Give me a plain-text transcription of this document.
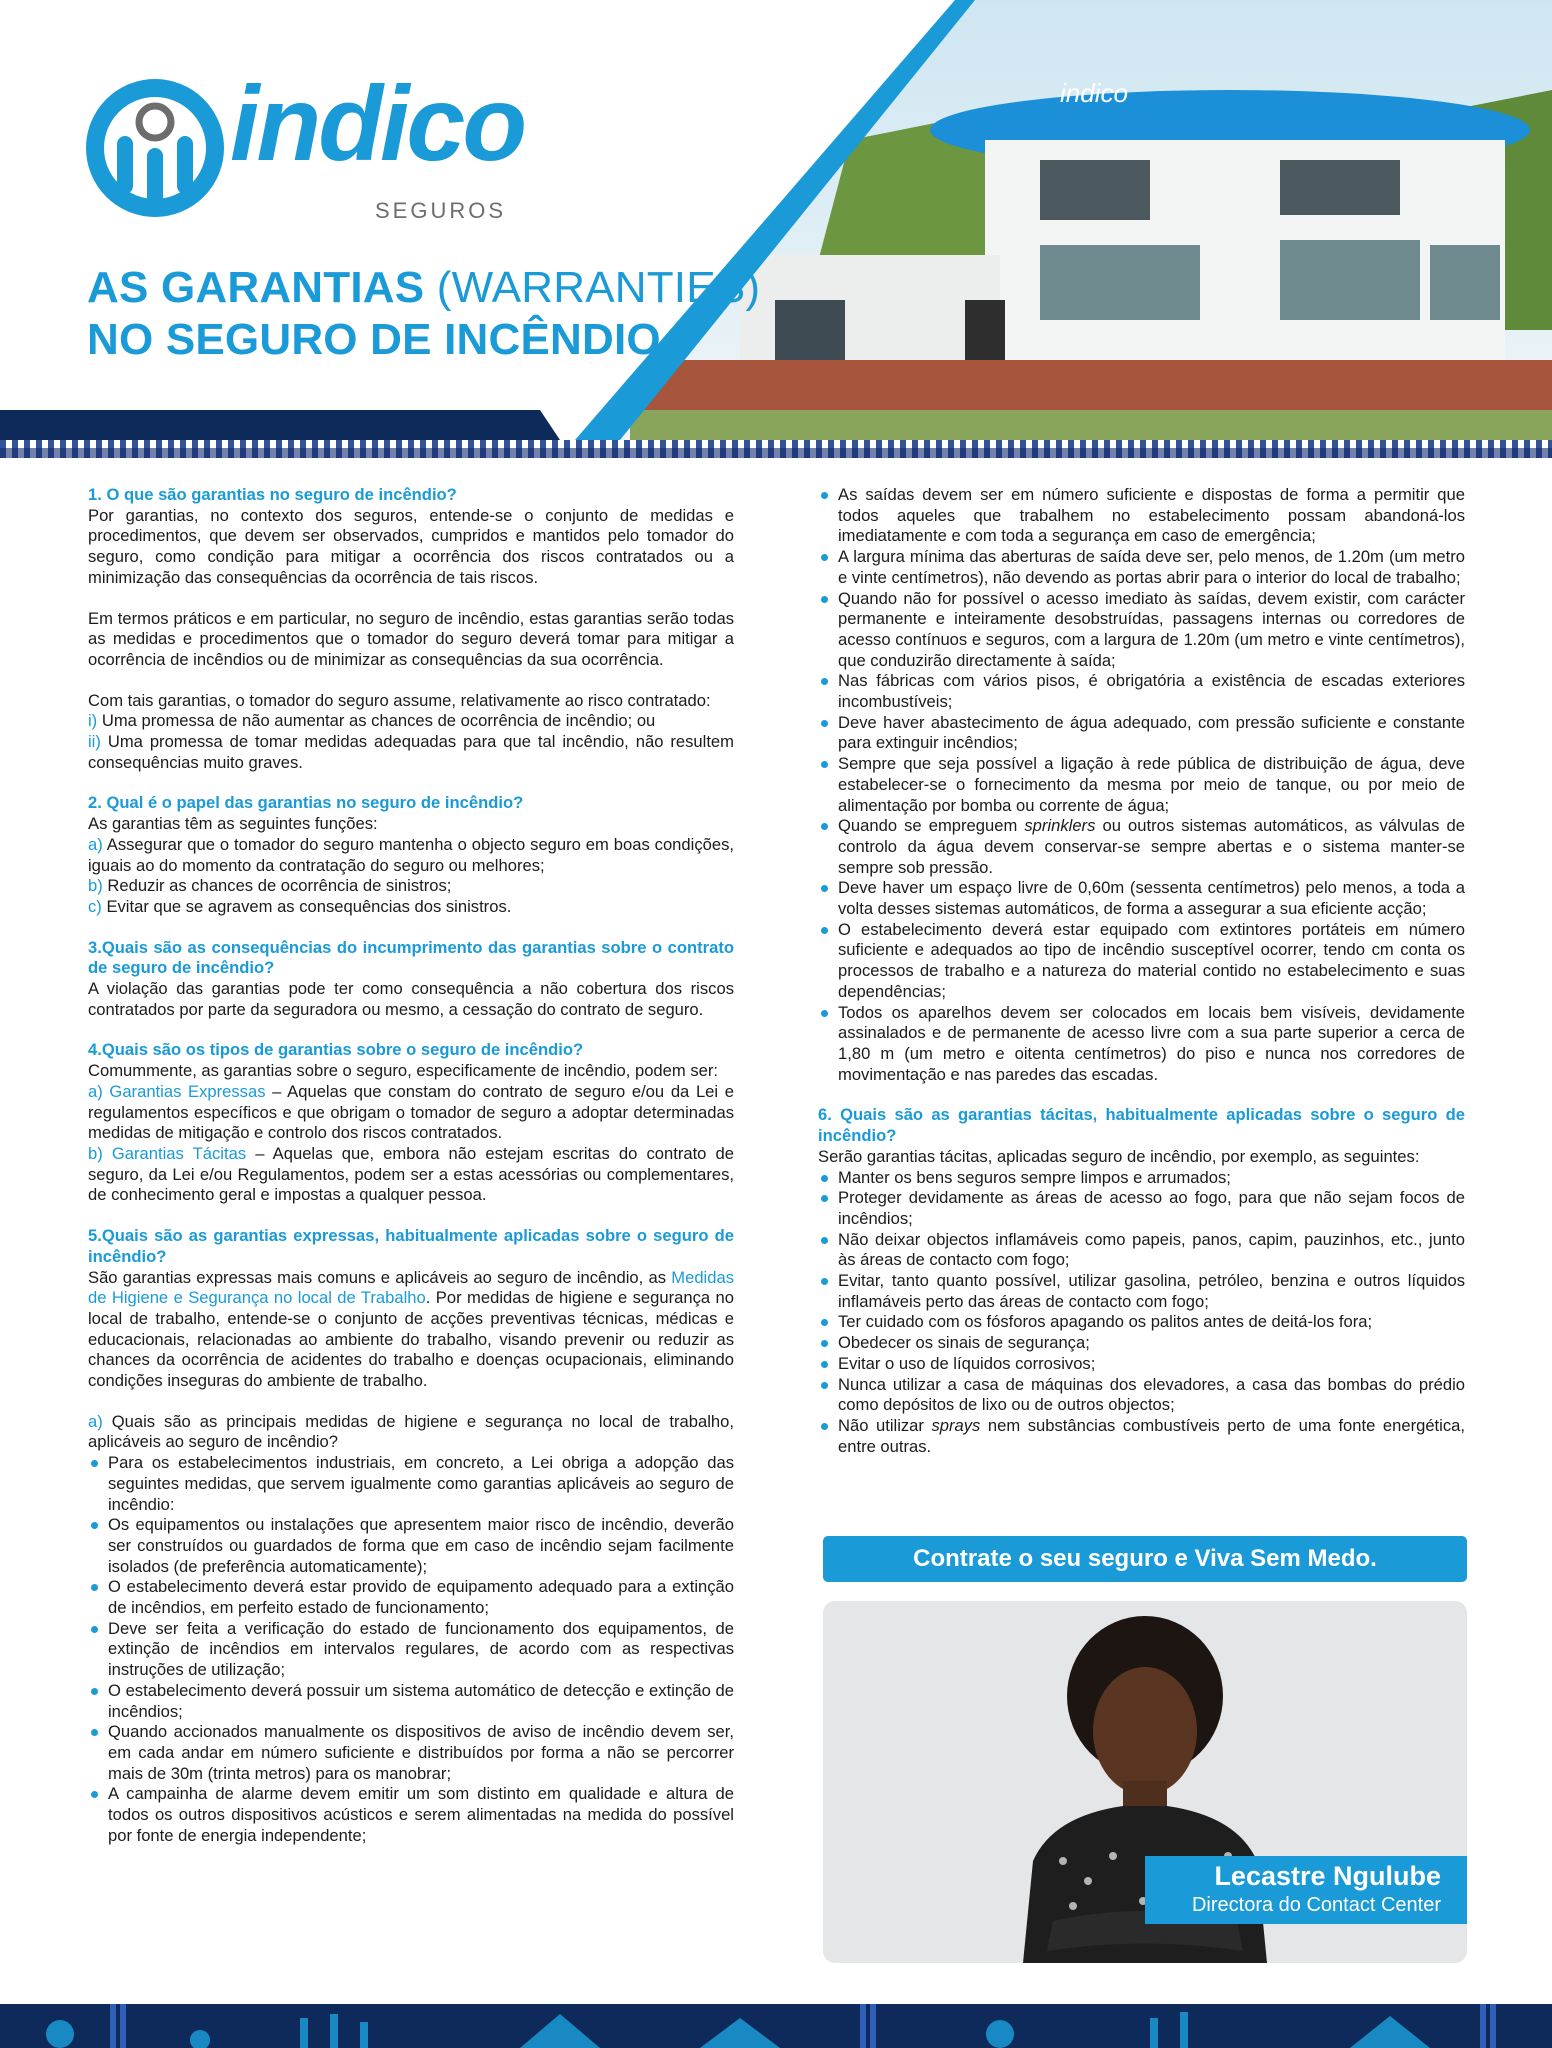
indico
indico
SEGUROS
AS GARANTIAS (WARRANTIES)
NO SEGURO DE INCÊNDIO

1. O que são garantias no seguro de incêndio?

Por garantias, no contexto dos seguros, entende-se o conjunto de medidas e procedimentos, que devem ser observados, cumpridos e mantidos pelo tomador do seguro, como condição para mitigar a ocorrência dos riscos contratados ou a minimização das consequências da ocorrência de tais riscos.

Em termos práticos e em particular, no seguro de incêndio, estas garantias serão todas as medidas e procedimentos que o tomador do seguro deverá tomar para mitigar a ocorrência de incêndios ou de minimizar as consequências da sua ocorrência.

Com tais garantias, o tomador do seguro assume, relativamente ao risco contratado:

i) Uma promessa de não aumentar as chances de ocorrência de incêndio; ou

ii) Uma promessa de tomar medidas adequadas para que tal incêndio, não resultem consequências muito graves.

2. Qual é o papel das garantias no seguro de incêndio?

As garantias têm as seguintes funções:

a) Assegurar que o tomador do seguro mantenha o objecto seguro em boas condições, iguais ao do momento da contratação do seguro ou melhores;

b) Reduzir as chances de ocorrência de sinistros;

c) Evitar que se agravem as consequências dos sinistros.

3.Quais são as consequências do incumprimento das garantias sobre o contrato de seguro de incêndio?

A violação das garantias pode ter como consequência a não cobertura dos riscos contratados por parte da seguradora ou mesmo, a cessação do contrato de seguro.

4.Quais são os tipos de garantias sobre o seguro de incêndio?

Comummente, as garantias sobre o seguro, especificamente de incêndio, podem ser:

a) Garantias Expressas – Aquelas que constam do contrato de seguro e/ou da Lei e regulamentos específicos e que obrigam o tomador de seguro a adoptar determinadas medidas de mitigação e controlo dos riscos contratados.

b) Garantias Tácitas – Aquelas que, embora não estejam escritas do contrato de seguro, da Lei e/ou Regulamentos, podem ser a estas acessórias ou complementares, de conhecimento geral e impostas a qualquer pessoa.

5.Quais são as garantias expressas, habitualmente aplicadas sobre o seguro de incêndio?

São garantias expressas mais comuns e aplicáveis ao seguro de incêndio, as Medidas de Higiene e Segurança no local de Trabalho. Por medidas de higiene e segurança no local de trabalho, entende-se o conjunto de acções preventivas técnicas, médicas e educacionais, relacionadas ao ambiente do trabalho, visando prevenir ou reduzir as chances da ocorrência de acidentes do trabalho e doenças ocupacionais, eliminando condições inseguras do ambiente de trabalho.

a) Quais são as principais medidas de higiene e segurança no local de trabalho, aplicáveis ao seguro de incêndio?

Para os estabelecimentos industriais, em concreto, a Lei obriga a adopção das seguintes medidas, que servem igualmente como garantias aplicáveis ao seguro de incêndio:
Os equipamentos ou instalações que apresentem maior risco de incêndio, deverão ser construídos ou guardados de forma que em caso de incêndio sejam facilmente isolados (de preferência automaticamente);
O estabelecimento deverá estar provido de equipamento adequado para a extinção de incêndios, em perfeito estado de funcionamento;
Deve ser feita a verificação do estado de funcionamento dos equipamentos, de extinção de incêndios em intervalos regulares, de acordo com as respectivas instruções de utilização;
O estabelecimento deverá possuir um sistema automático de detecção e extinção de incêndios;
Quando accionados manualmente os dispositivos de aviso de incêndio devem ser, em cada andar em número suficiente e distribuídos por forma a não se percorrer mais de 30m (trinta metros) para os manobrar;
A campainha de alarme devem emitir um som distinto em qualidade e altura de todos os outros dispositivos acústicos e serem alimentadas na medida do possível por fonte de energia independente;
As saídas devem ser em número suficiente e dispostas de forma a permitir que todos aqueles que trabalhem no estabelecimento possam abandoná-los imediatamente e com toda a segurança em caso de emergência;
A largura mínima das aberturas de saída deve ser, pelo menos, de 1.20m (um metro e vinte centímetros), não devendo as portas abrir para o interior do local de trabalho;
Quando não for possível o acesso imediato às saídas, devem existir, com carácter permanente e inteiramente desobstruídas, passagens internas ou corredores de acesso contínuos e seguros, com a largura de 1.20m (um metro e vinte centímetros), que conduzirão directamente à saída;
Nas fábricas com vários pisos, é obrigatória a existência de escadas exteriores incombustíveis;
Deve haver abastecimento de água adequado, com pressão suficiente e constante para extinguir incêndios;
Sempre que seja possível a ligação à rede pública de distribuição de água, deve estabelecer-se o fornecimento da mesma por meio de tanque, ou por meio de alimentação por bomba ou corrente de água;
Quando se empreguem sprinklers ou outros sistemas automáticos, as válvulas de controlo da água devem conservar-se sempre abertas e o sistema manter-se sempre sob pressão.
Deve haver um espaço livre de 0,60m (sessenta centímetros) pelo menos, a toda a volta desses sistemas automáticos, de forma a assegurar a sua eficiente acção;
O estabelecimento deverá estar equipado com extintores portáteis em número suficiente e adequados ao tipo de incêndio susceptível ocorrer, tendo cm conta os processos de trabalho e a natureza do material contido no estabelecimento e suas dependências;
Todos os aparelhos devem ser colocados em locais bem visíveis, devidamente assinalados e de permanente de acesso livre com a sua parte superior a cerca de 1,80 m (um metro e oitenta centímetros) do piso e nunca nos corredores de movimentação e nas paredes das escadas.

6. Quais são as garantias tácitas, habitualmente aplicadas sobre o seguro de incêndio?

Serão garantias tácitas, aplicadas seguro de incêndio, por exemplo, as seguintes:

Manter os bens seguros sempre limpos e arrumados;
Proteger devidamente as áreas de acesso ao fogo, para que não sejam focos de incêndios;
Não deixar objectos inflamáveis como papeis, panos, capim, pauzinhos, etc., junto às áreas de contacto com fogo;
Evitar, tanto quanto possível, utilizar gasolina, petróleo, benzina e outros líquidos inflamáveis perto das áreas de contacto com fogo;
Ter cuidado com os fósforos apagando os palitos antes de deitá-los fora;
Obedecer os sinais de segurança;
Evitar o uso de líquidos corrosivos;
Nunca utilizar a casa de máquinas dos elevadores, a casa das bombas do prédio como depósitos de lixo ou de outros objectos;
Não utilizar sprays nem substâncias combustíveis perto de uma fonte energética, entre outras.
Contrate o seu seguro e Viva Sem Medo.
Lecastre Ngulube
Directora do Contact Center
